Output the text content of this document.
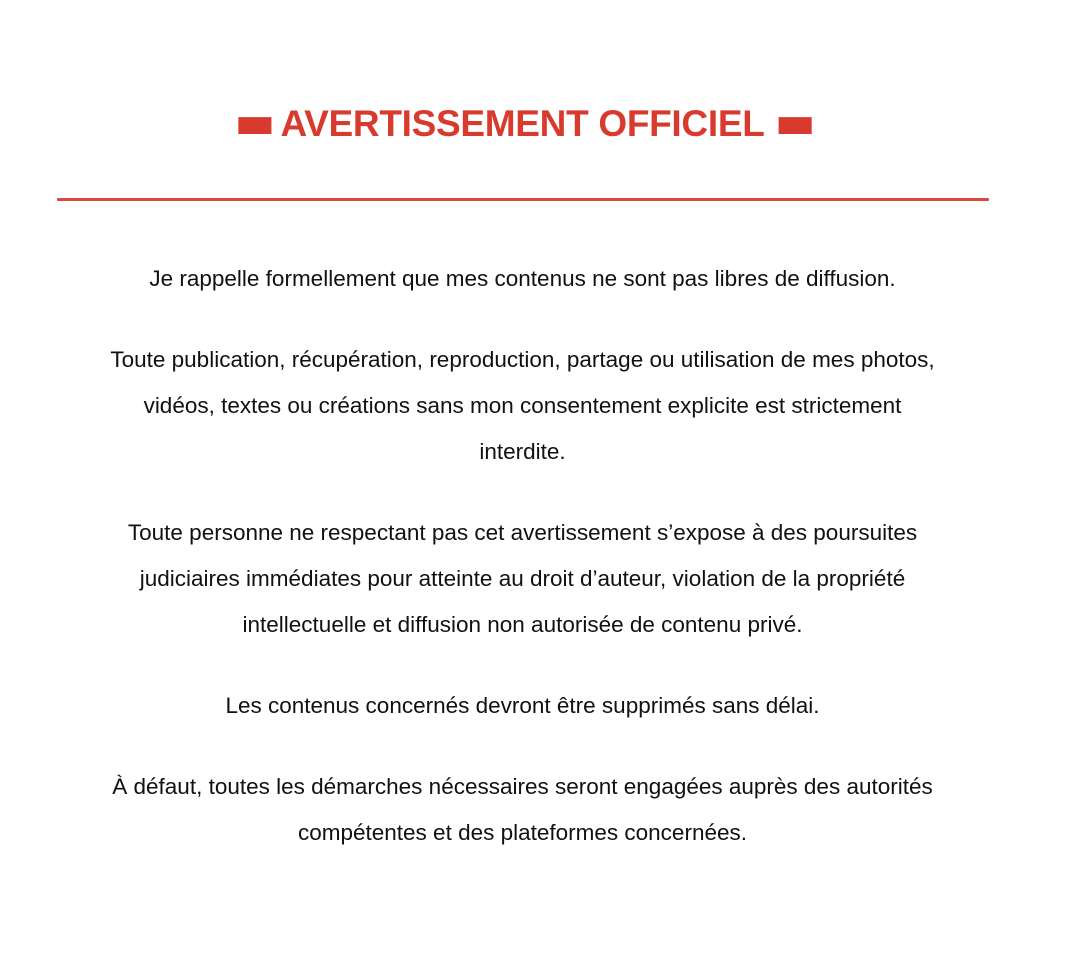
■■ AVERTISSEMENT OFFICIEL ■■

Je rappelle formellement que mes contenus ne sont pas libres de diffusion.

Toute publication, récupération, reproduction, partage ou utilisation de mes photos,
vidéos, textes ou créations sans mon consentement explicite est strictement
interdite.

Toute personne ne respectant pas cet avertissement s’expose à des poursuites
judiciaires immédiates pour atteinte au droit d’auteur, violation de la propriété
intellectuelle et diffusion non autorisée de contenu privé.

Les contenus concernés devront être supprimés sans délai.

À défaut, toutes les démarches nécessaires seront engagées auprès des autorités
compétentes et des plateformes concernées.
